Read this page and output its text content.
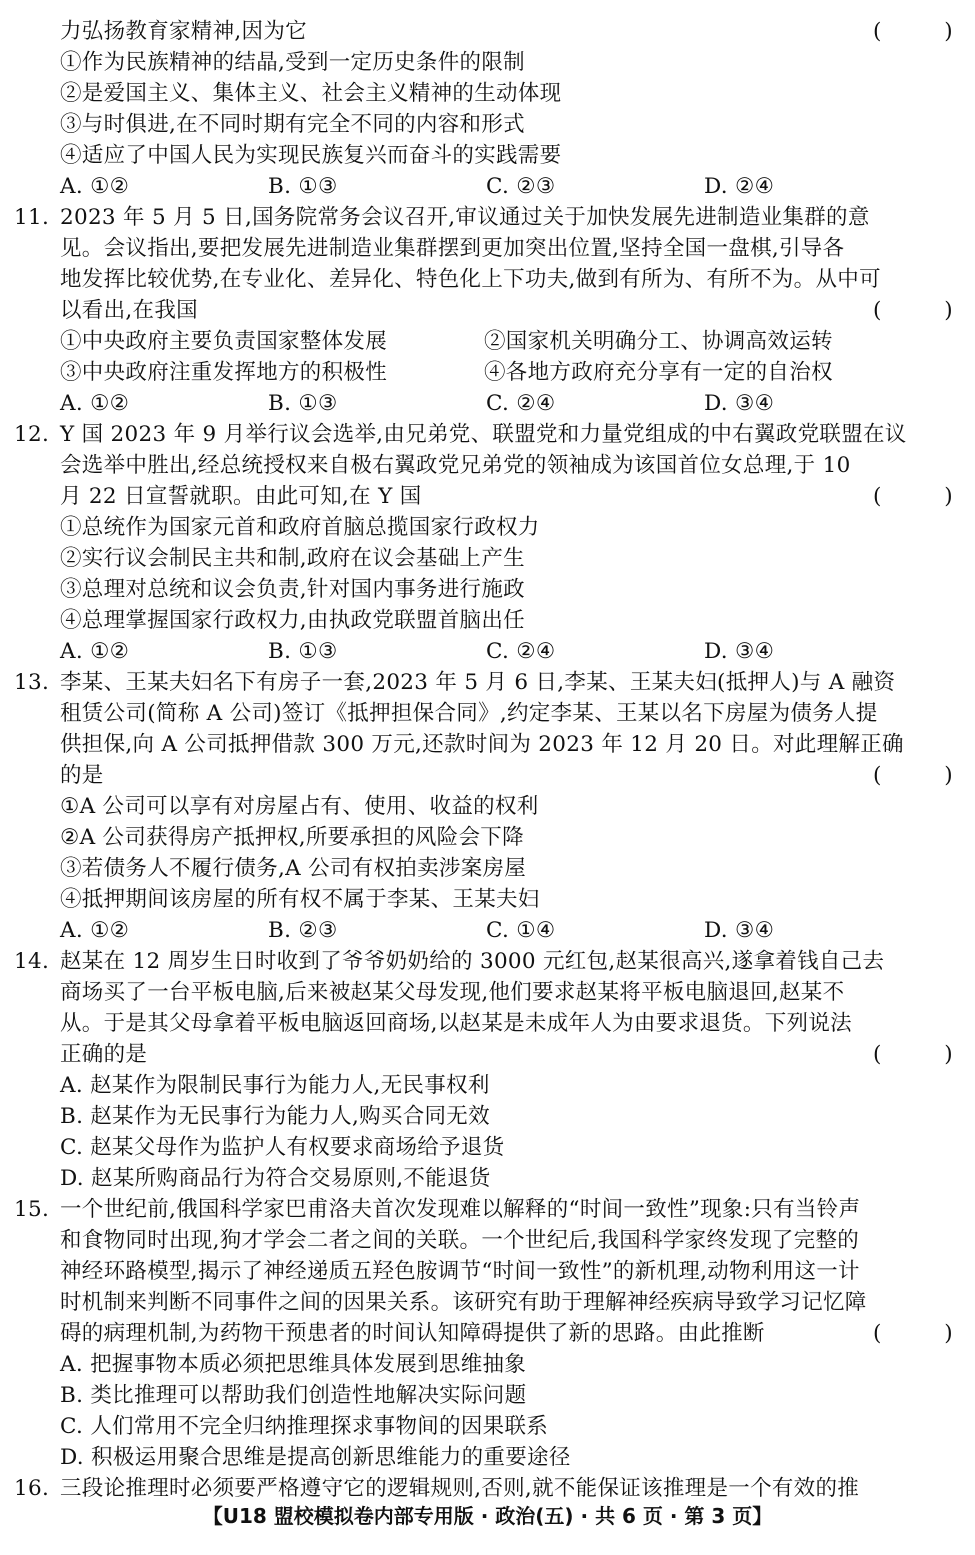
力弘扬教育家精神,因为它	(	)
①作为民族精神的结晶,受到一定历史条件的限制
②是爱国主义、集体主义、社会主义精神的生动体现
③与时俱进,在不同时期有完全不同的内容和形式
④适应了中国人民为实现民族复兴而奋斗的实践需要
A. ①②	B. ①③	C. ②③	D. ②④
11. 2023 年 5 月 5 日,国务院常务会议召开,审议通过关于加快发展先进制造业集群的意
见。会议指出,要把发展先进制造业集群摆到更加突出位置,坚持全国一盘棋,引导各
地发挥比较优势,在专业化、差异化、特色化上下功夫,做到有所为、有所不为。从中可
以看出,在我国	(	)
①中央政府主要负责国家整体发展	②国家机关明确分工、协调高效运转
③中央政府注重发挥地方的积极性	④各地方政府充分享有一定的自治权
A. ①②	B. ①③	C. ②④	D. ③④
12. Y 国 2023 年 9 月举行议会选举,由兄弟党、联盟党和力量党组成的中右翼政党联盟在议
会选举中胜出,经总统授权来自极右翼政党兄弟党的领袖成为该国首位女总理,于 10
月 22 日宣誓就职。由此可知,在 Y 国	(	)
①总统作为国家元首和政府首脑总揽国家行政权力
②实行议会制民主共和制,政府在议会基础上产生
③总理对总统和议会负责,针对国内事务进行施政
④总理掌握国家行政权力,由执政党联盟首脑出任
A. ①②	B. ①③	C. ②④	D. ③④
13. 李某、王某夫妇名下有房子一套,2023 年 5 月 6 日,李某、王某夫妇(抵押人)与 A 融资
租赁公司(简称 A 公司)签订《抵押担保合同》,约定李某、王某以名下房屋为债务人提
供担保,向 A 公司抵押借款 300 万元,还款时间为 2023 年 12 月 20 日。对此理解正确
的是	(	)
①A 公司可以享有对房屋占有、使用、收益的权利
②A 公司获得房产抵押权,所要承担的风险会下降
③若债务人不履行债务,A 公司有权拍卖涉案房屋
④抵押期间该房屋的所有权不属于李某、王某夫妇
A. ①②	B. ②③	C. ①④	D. ③④
14. 赵某在 12 周岁生日时收到了爷爷奶奶给的 3000 元红包,赵某很高兴,遂拿着钱自己去
商场买了一台平板电脑,后来被赵某父母发现,他们要求赵某将平板电脑退回,赵某不
从。于是其父母拿着平板电脑返回商场,以赵某是未成年人为由要求退货。下列说法
正确的是	(	)
A. 赵某作为限制民事行为能力人,无民事权利
B. 赵某作为无民事行为能力人,购买合同无效
C. 赵某父母作为监护人有权要求商场给予退货
D. 赵某所购商品行为符合交易原则,不能退货
15. 一个世纪前,俄国科学家巴甫洛夫首次发现难以解释的“时间一致性”现象:只有当铃声
和食物同时出现,狗才学会二者之间的关联。一个世纪后,我国科学家终发现了完整的
神经环路模型,揭示了神经递质五羟色胺调节“时间一致性”的新机理,动物利用这一计
时机制来判断不同事件之间的因果关系。该研究有助于理解神经疾病导致学习记忆障
碍的病理机制,为药物干预患者的时间认知障碍提供了新的思路。由此推断	(	)
A. 把握事物本质必须把思维具体发展到思维抽象
B. 类比推理可以帮助我们创造性地解决实际问题
C. 人们常用不完全归纳推理探求事物间的因果联系
D. 积极运用聚合思维是提高创新思维能力的重要途径
16. 三段论推理时必须要严格遵守它的逻辑规则,否则,就不能保证该推理是一个有效的推
【U18 盟校模拟卷内部专用版 · 政治(五) · 共 6 页 · 第 3 页】
